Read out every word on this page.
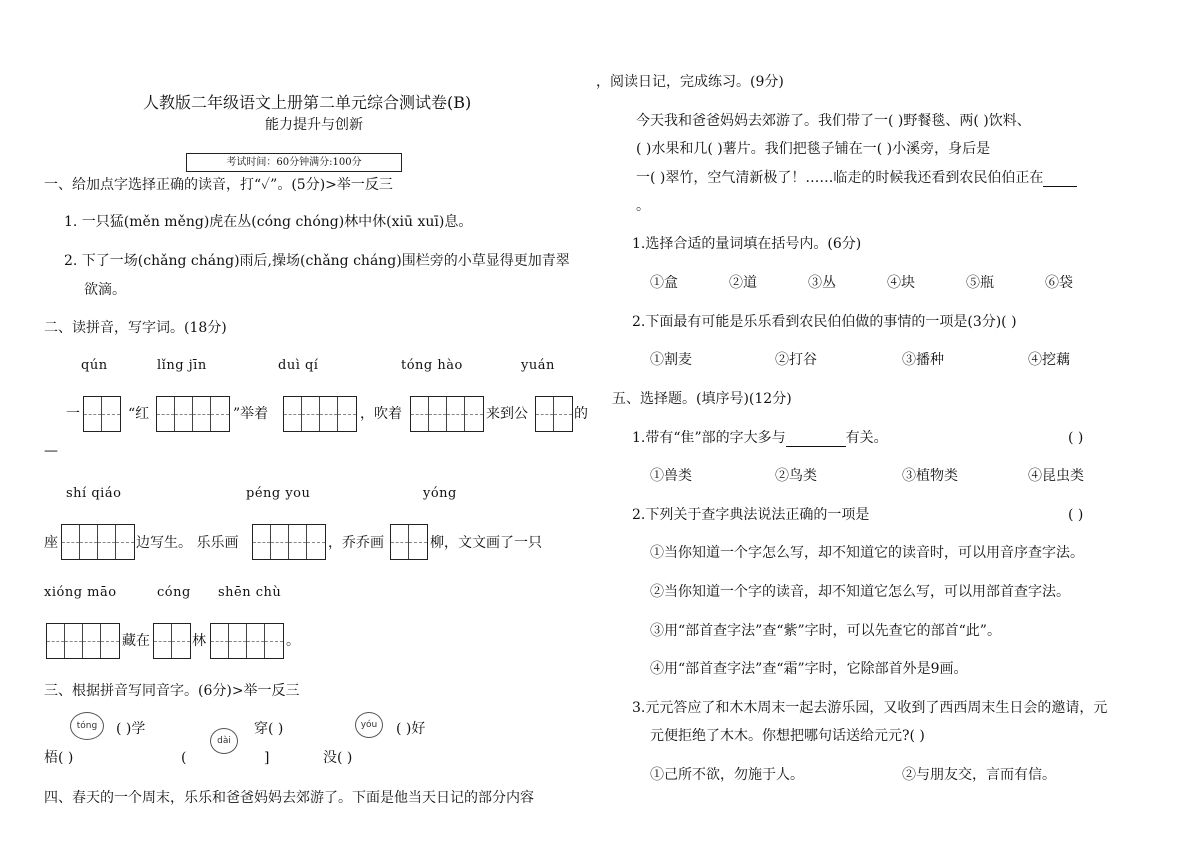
人教版二年级语文上册第二单元综合测试卷(B)
能力提升与创新
考试时间：60分钟满分:100分
一、给加点字选择正确的读音，打“✓”。(5分)>举一反三
1. 一只猛(měn měng)虎在丛(cóng chóng)林中休(xiū xuī)息。
2. 下了一场(chǎng cháng)雨后,操场(chǎng cháng)围栏旁的小草显得更加青翠
欲滴。
二、读拼音，写字词。(18分)
qún	lǐng jīn	duì qí	tóng hào	yuán
一	“红	”举着	，吹着	来到公	的
—
shí qiáo	péng you	yóng
座	边写生。 乐乐画	，乔乔画	柳，文文画了一只
xióng māo	cóng shēn chù
藏在	林	。
三、根据拼音写同音字。(6分)>举一反三
tóng
dài
yóu
( )学	穿( )	( )好
梧( )	(	]	没( )
四、春天的一个周末，乐乐和爸爸妈妈去郊游了。下面是他当天日记的部分内容
，阅读日记，完成练习。(9分)
今天我和爸爸妈妈去郊游了。我们带了一( )野餐毯、两( )饮料、
( )水果和几( )薯片。我们把毯子铺在一( )小溪旁，身后是
一( )翠竹，空气清新极了！……临走的时候我还看到农民伯伯正在
。
1.选择合适的量词填在括号内。(6分)
①盒	②道	③丛	④块	⑤瓶	⑥袋
2.下面最有可能是乐乐看到农民伯伯做的事情的一项是(3分)( )
①割麦	②打谷	③播种	④挖藕
五、选择题。(填序号)(12分)
1.带有“隹”部的字大多与	有关。	( )
①兽类	②鸟类	③植物类	④昆虫类
2.下列关于查字典法说法正确的一项是	( )
①当你知道一个字怎么写，却不知道它的读音时，可以用音序查字法。
②当你知道一个字的读音，却不知道它怎么写，可以用部首查字法。
③用“部首查字法”查“紫”字时，可以先查它的部首“此”。
④用“部首查字法”查“霜”字时，它除部首外是9画。
3.元元答应了和木木周末一起去游乐园，又收到了西西周末生日会的邀请，元
元便拒绝了木木。你想把哪句话送给元元?( )
①己所不欲，勿施于人。	②与朋友交，言而有信。
